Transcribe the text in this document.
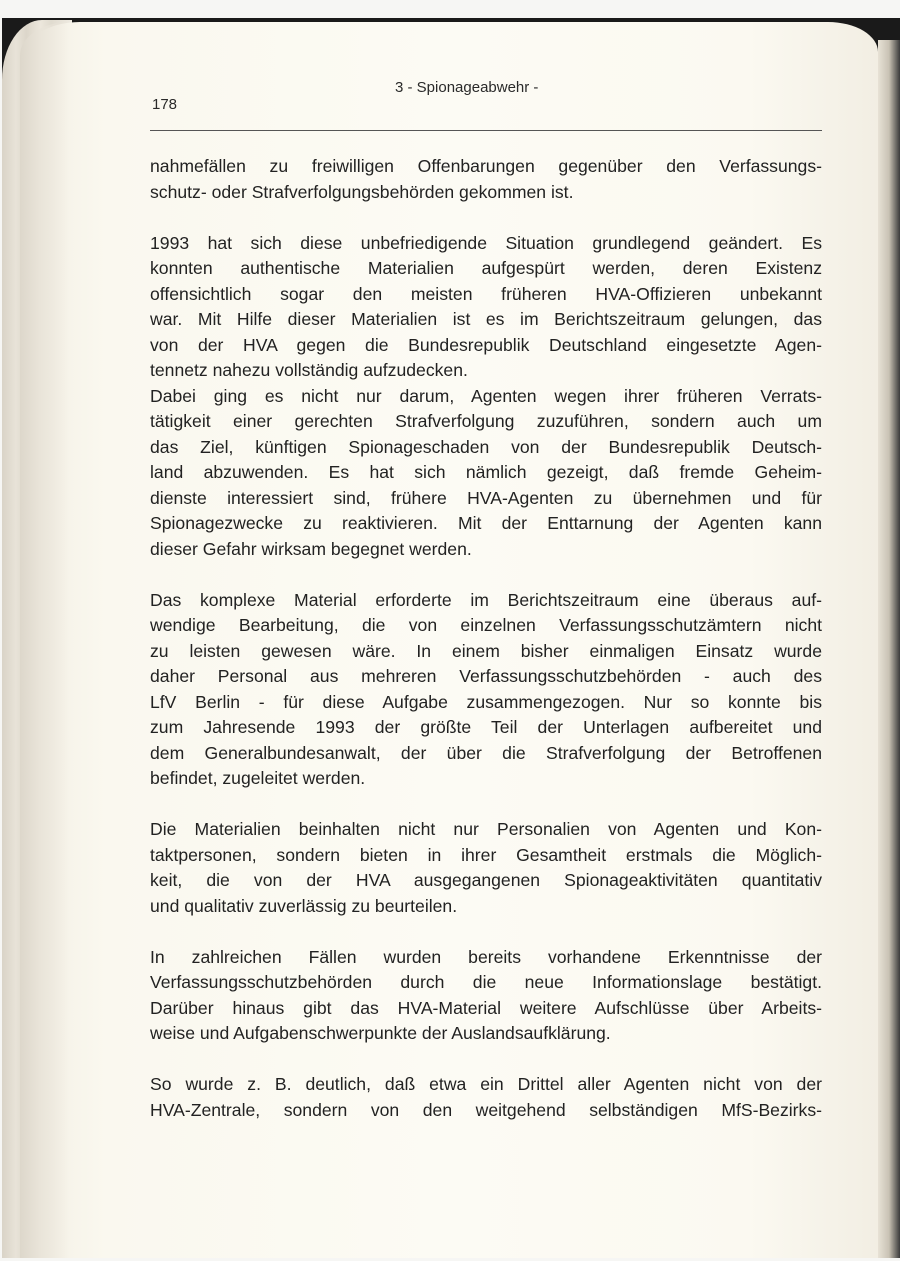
3 - Spionageabwehr -
178

nahmefällen zu freiwilligen Offenbarungen gegenüber den Verfassungs-
schutz- oder Strafverfolgungsbehörden gekommen ist.

1993 hat sich diese unbefriedigende Situation grundlegend geändert. Es
konnten authentische Materialien aufgespürt werden, deren Existenz
offensichtlich sogar den meisten früheren HVA-Offizieren unbekannt
war. Mit Hilfe dieser Materialien ist es im Berichtszeitraum gelungen, das
von der HVA gegen die Bundesrepublik Deutschland eingesetzte Agen-
tennetz nahezu vollständig aufzudecken.

Dabei ging es nicht nur darum, Agenten wegen ihrer früheren Verrats-
tätigkeit einer gerechten Strafverfolgung zuzuführen, sondern auch um
das Ziel, künftigen Spionageschaden von der Bundesrepublik Deutsch-
land abzuwenden. Es hat sich nämlich gezeigt, daß fremde Geheim-
dienste interessiert sind, frühere HVA-Agenten zu übernehmen und für
Spionagezwecke zu reaktivieren. Mit der Enttarnung der Agenten kann
dieser Gefahr wirksam begegnet werden.

Das komplexe Material erforderte im Berichtszeitraum eine überaus auf-
wendige Bearbeitung, die von einzelnen Verfassungsschutzämtern nicht
zu leisten gewesen wäre. In einem bisher einmaligen Einsatz wurde
daher Personal aus mehreren Verfassungsschutzbehörden - auch des
LfV Berlin - für diese Aufgabe zusammengezogen. Nur so konnte bis
zum Jahresende 1993 der größte Teil der Unterlagen aufbereitet und
dem Generalbundesanwalt, der über die Strafverfolgung der Betroffenen
befindet, zugeleitet werden.

Die Materialien beinhalten nicht nur Personalien von Agenten und Kon-
taktpersonen, sondern bieten in ihrer Gesamtheit erstmals die Möglich-
keit, die von der HVA ausgegangenen Spionageaktivitäten quantitativ
und qualitativ zuverlässig zu beurteilen.

In zahlreichen Fällen wurden bereits vorhandene Erkenntnisse der
Verfassungsschutzbehörden durch die neue Informationslage bestätigt.
Darüber hinaus gibt das HVA-Material weitere Aufschlüsse über Arbeits-
weise und Aufgabenschwerpunkte der Auslandsaufklärung.

So wurde z. B. deutlich, daß etwa ein Drittel aller Agenten nicht von der
HVA-Zentrale, sondern von den weitgehend selbständigen MfS-Bezirks-
